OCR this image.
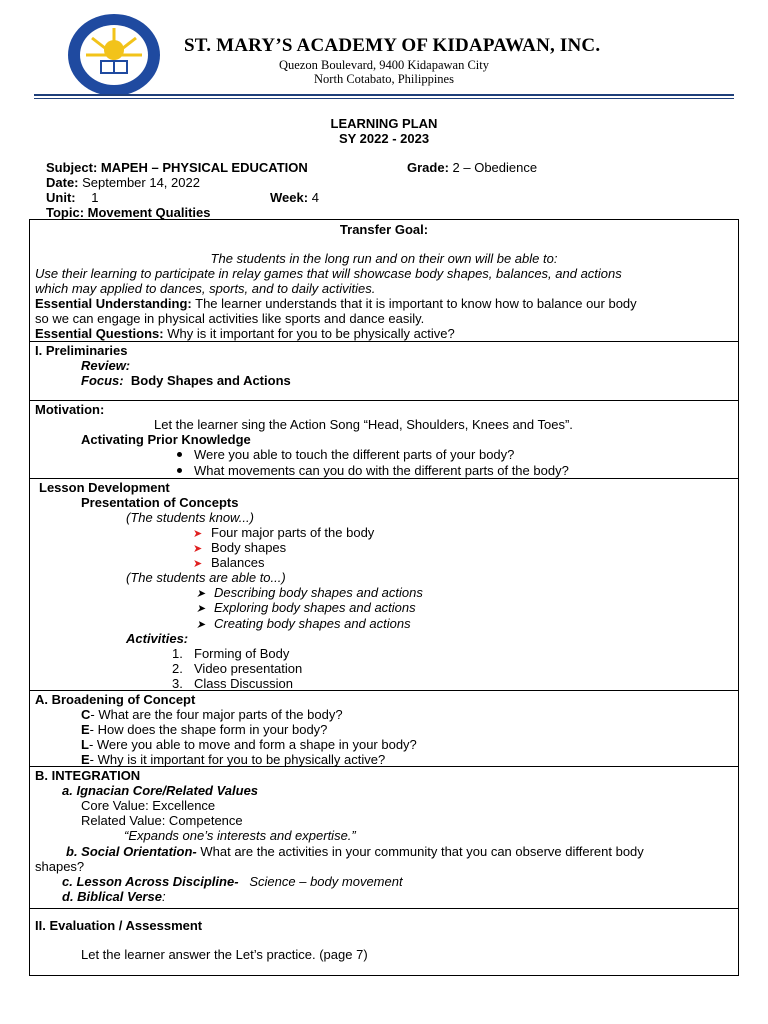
ST. MARY’S ACADEMY OF KIDAPAWAN, INC.
Quezon Boulevard, 9400 Kidapawan City
North Cotabato, Philippines
LEARNING PLAN
SY 2022 - 2023
Subject: MAPEH – PHYSICAL EDUCATION	Grade: 2 – Obedience
Date: September 14, 2022
Unit: 1	Week: 4
Topic: Movement Qualities
Transfer Goal:
The students in the long run and on their own will be able to:
Use their learning to participate in relay games that will showcase body shapes, balances, and actions
which may applied to dances, sports, and to daily activities.
Essential Understanding: The learner understands that it is important to know how to balance our body
so we can engage in physical activities like sports and dance easily.
Essential Questions: Why is it important for you to be physically active?
I. Preliminaries
Review:
Focus: Body Shapes and Actions
Motivation:
Let the learner sing the Action Song “Head, Shoulders, Knees and Toes”.
Activating Prior Knowledge
Were you able to touch the different parts of your body?
What movements can you do with the different parts of the body?
Lesson Development
Presentation of Concepts
(The students know...)
➤ Four major parts of the body
➤ Body shapes
➤ Balances
(The students are able to...)
➤ Describing body shapes and actions
➤ Exploring body shapes and actions
➤ Creating body shapes and actions
Activities:
1. Forming of Body
2. Video presentation
3. Class Discussion
A. Broadening of Concept
C- What are the four major parts of the body?
E- How does the shape form in your body?
L- Were you able to move and form a shape in your body?
E- Why is it important for you to be physically active?
B. INTEGRATION
a. Ignacian Core/Related Values
Core Value: Excellence
Related Value: Competence
“Expands one’s interests and expertise.”
b. Social Orientation- What are the activities in your community that you can observe different body
shapes?
c. Lesson Across Discipline- Science – body movement
d. Biblical Verse:
II. Evaluation / Assessment
Let the learner answer the Let’s practice. (page 7)
